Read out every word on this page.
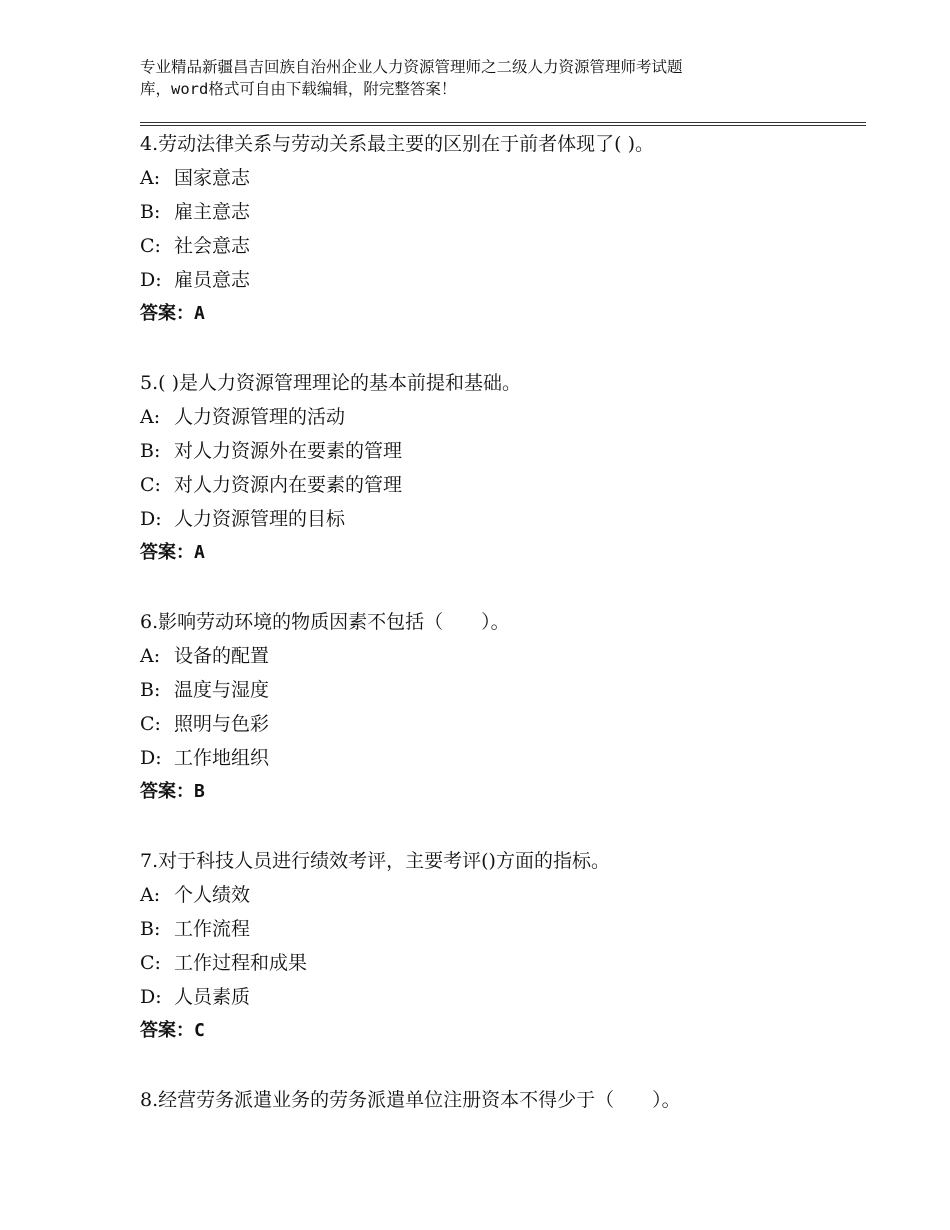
专业精品新疆昌吉回族自治州企业人力资源管理师之二级人力资源管理师考试题
库，word格式可自由下载编辑，附完整答案！
4.劳动法律关系与劳动关系最主要的区别在于前者体现了( )。
A: 国家意志
B: 雇主意志
C: 社会意志
D: 雇员意志
答案：A
5.( )是人力资源管理理论的基本前提和基础。
A: 人力资源管理的活动
B: 对人力资源外在要素的管理
C: 对人力资源内在要素的管理
D: 人力资源管理的目标
答案：A
6.影响劳动环境的物质因素不包括（　　）。
A: 设备的配置
B: 温度与湿度
C: 照明与色彩
D: 工作地组织
答案：B
7.对于科技人员进行绩效考评，主要考评()方面的指标。
A: 个人绩效
B: 工作流程
C: 工作过程和成果
D: 人员素质
答案：C
8.经营劳务派遣业务的劳务派遣单位注册资本不得少于（　　）。
